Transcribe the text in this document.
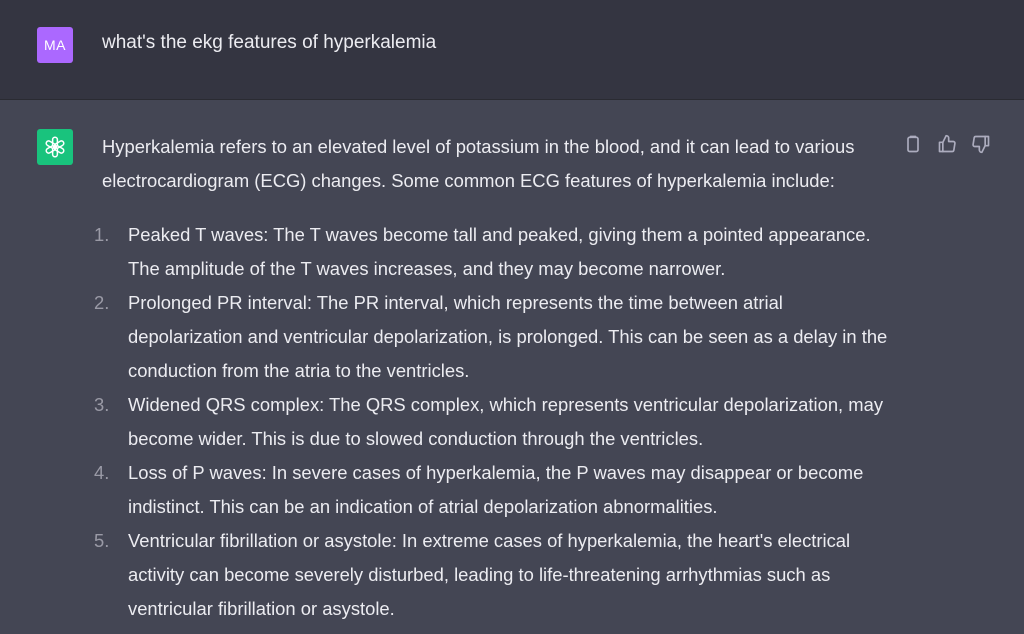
MA what's the ekg features of hyperkalemia

Hyperkalemia refers to an elevated level of potassium in the blood, and it can lead to various electrocardiogram (ECG) changes. Some common ECG features of hyperkalemia include:

1. Peaked T waves: The T waves become tall and peaked, giving them a pointed appearance. The amplitude of the T waves increases, and they may become narrower.
2. Prolonged PR interval: The PR interval, which represents the time between atrial depolarization and ventricular depolarization, is prolonged. This can be seen as a delay in the conduction from the atria to the ventricles.
3. Widened QRS complex: The QRS complex, which represents ventricular depolarization, may become wider. This is due to slowed conduction through the ventricles.
4. Loss of P waves: In severe cases of hyperkalemia, the P waves may disappear or become indistinct. This can be an indication of atrial depolarization abnormalities.
5. Ventricular fibrillation or asystole: In extreme cases of hyperkalemia, the heart's electrical activity can become severely disturbed, leading to life-threatening arrhythmias such as ventricular fibrillation or asystole.
